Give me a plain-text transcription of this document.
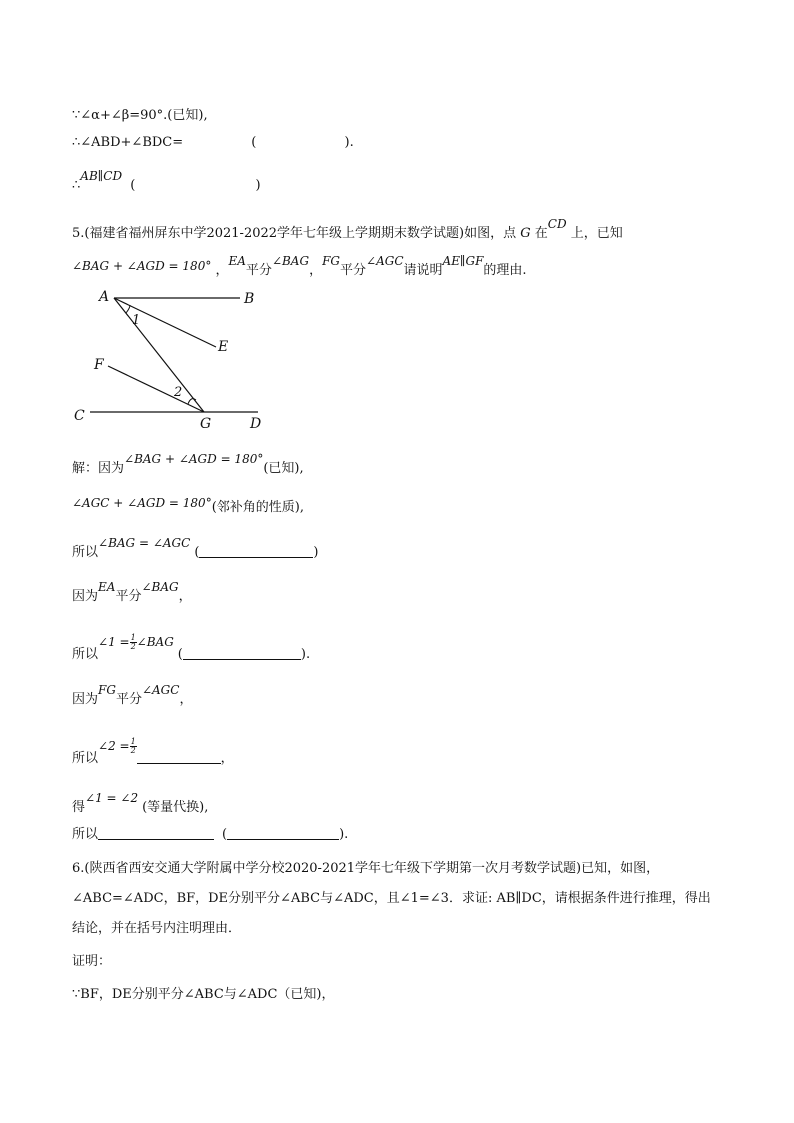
∵∠α+∠β=90°.(已知),
∴∠ABD+∠BDC=	(	).
∴AB∥CD (	)
5.(福建省福州屏东中学2021-2022学年七年级上学期期末数学试题)如图，点 G 在CD 上，已知
∠BAG + ∠AGD = 180° ，EA平分∠BAG，FG平分∠AGC请说明AE∥GF的理由.
A	B
E
F
C	G	D
1
2
解：因为∠BAG + ∠AGD = 180°(已知),
∠AGC + ∠AGD = 180°(邻补角的性质),
所以∠BAG = ∠AGC(	)
因为EA平分∠BAG，
所以∠1 = $\frac{1}{2}$ ∠BAG(	).
因为FG平分∠AGC，
所以∠2 = $\frac{1}{2}$
，
得∠1 = ∠2(等量代换),
所以	(	).
6.(陕西省西安交通大学附属中学分校2020-2021学年七年级下学期第一次月考数学试题)已知，如图，
∠ABC=∠ADC，BF，DE分别平分∠ABC与∠ADC，且∠1=∠3．求证: AB∥DC，请根据条件进行推理，得出
结论，并在括号内注明理由．
证明：
∵BF，DE分别平分∠ABC与∠ADC（已知)，
